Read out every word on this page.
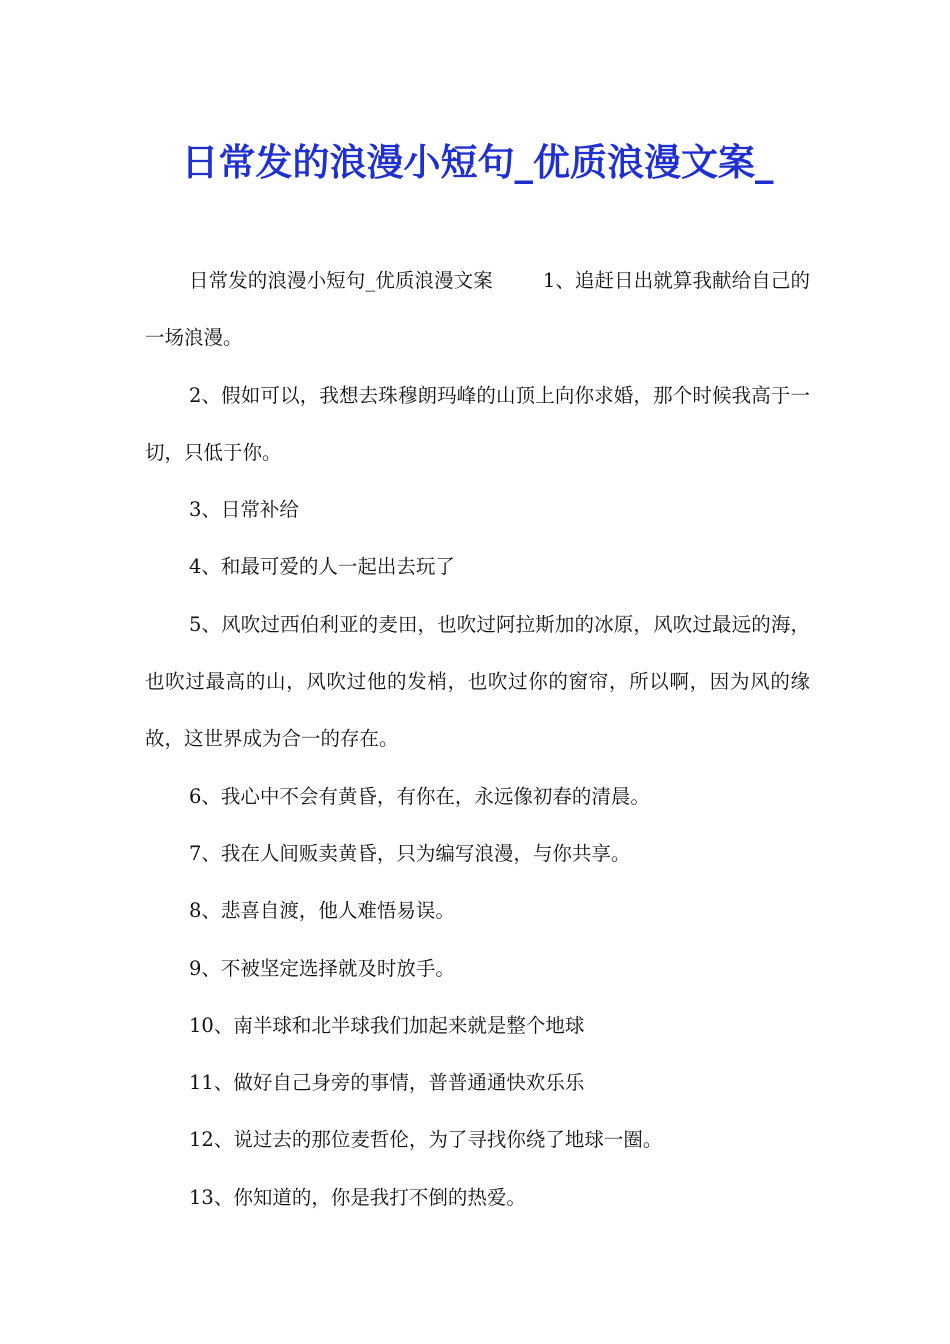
日常发的浪漫小短句_优质浪漫文案_

日常发的浪漫小短句_优质浪漫文案	1、追赶日出就算我献给自己的一场浪漫。

2、假如可以，我想去珠穆朗玛峰的山顶上向你求婚，那个时候我高于一切，只低于你。

3、日常补给

4、和最可爱的人一起出去玩了

5、风吹过西伯利亚的麦田，也吹过阿拉斯加的冰原，风吹过最远的海，也吹过最高的山，风吹过他的发梢，也吹过你的窗帘，所以啊，因为风的缘故，这世界成为合一的存在。

6、我心中不会有黄昏，有你在，永远像初春的清晨。

7、我在人间贩卖黄昏，只为编写浪漫，与你共享。

8、悲喜自渡，他人难悟易误。

9、不被坚定选择就及时放手。

10、南半球和北半球我们加起来就是整个地球

11、做好自己身旁的事情，普普通通快欢乐乐

12、说过去的那位麦哲伦，为了寻找你绕了地球一圈。

13、你知道的，你是我打不倒的热爱。
